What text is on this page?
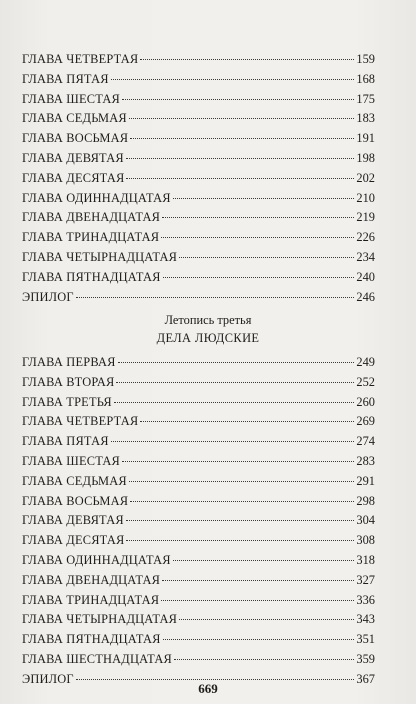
ГЛАВА ЧЕТВЕРТАЯ	159
ГЛАВА ПЯТАЯ	168
ГЛАВА ШЕСТАЯ	175
ГЛАВА СЕДЬМАЯ	183
ГЛАВА ВОСЬМАЯ	191
ГЛАВА ДЕВЯТАЯ	198
ГЛАВА ДЕСЯТАЯ	202
ГЛАВА ОДИННАДЦАТАЯ	210
ГЛАВА ДВЕНАДЦАТАЯ	219
ГЛАВА ТРИНАДЦАТАЯ	226
ГЛАВА ЧЕТЫРНАДЦАТАЯ	234
ГЛАВА ПЯТНАДЦАТАЯ	240
ЭПИЛОГ	246
Летопись третья
ДЕЛА ЛЮДСКИЕ
ГЛАВА ПЕРВАЯ	249
ГЛАВА ВТОРАЯ	252
ГЛАВА ТРЕТЬЯ	260
ГЛАВА ЧЕТВЕРТАЯ	269
ГЛАВА ПЯТАЯ	274
ГЛАВА ШЕСТАЯ	283
ГЛАВА СЕДЬМАЯ	291
ГЛАВА ВОСЬМАЯ	298
ГЛАВА ДЕВЯТАЯ	304
ГЛАВА ДЕСЯТАЯ	308
ГЛАВА ОДИННАДЦАТАЯ	318
ГЛАВА ДВЕНАДЦАТАЯ	327
ГЛАВА ТРИНАДЦАТАЯ	336
ГЛАВА ЧЕТЫРНАДЦАТАЯ	343
ГЛАВА ПЯТНАДЦАТАЯ	351
ГЛАВА ШЕСТНАДЦАТАЯ	359
ЭПИЛОГ	367
669
